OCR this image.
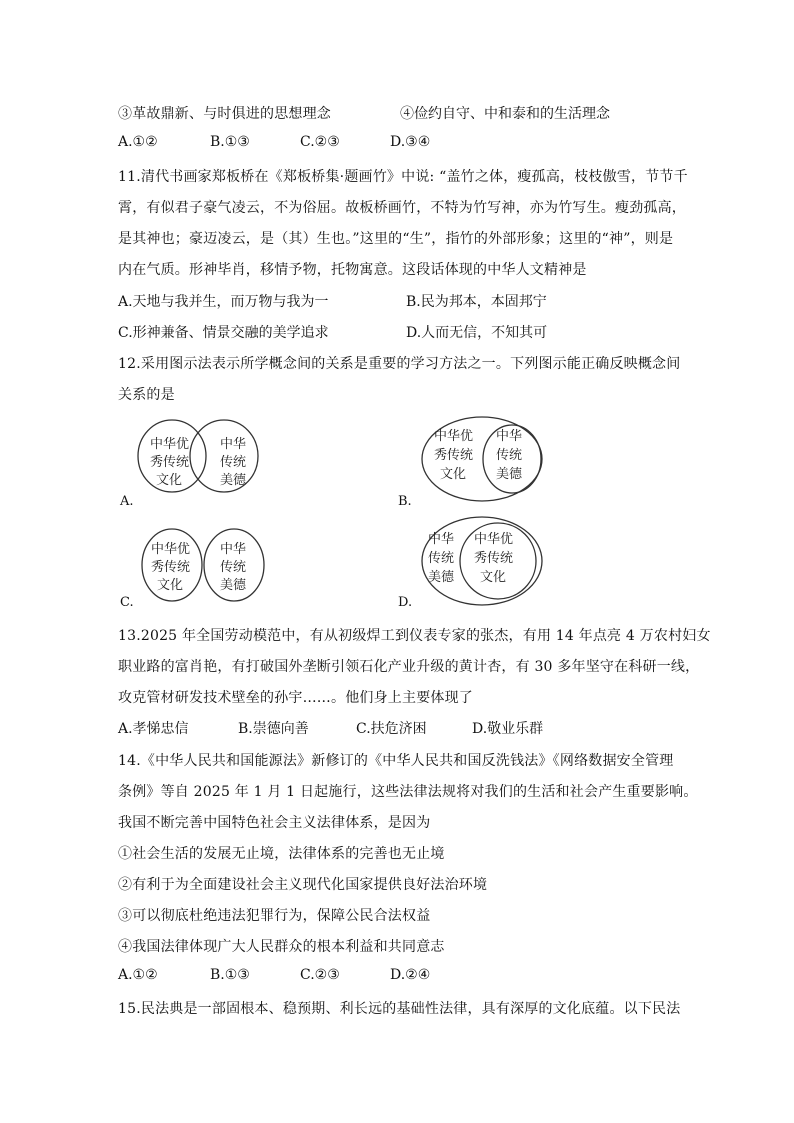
③革故鼎新、与时俱进的思想理念	④俭约自守、中和泰和的生活理念
A.①②	B.①③	C.②③	D.③④
11.清代书画家郑板桥在《郑板桥集·题画竹》中说: “盖竹之体，瘦孤高，枝枝傲雪，节节千
霄，有似君子豪气凌云，不为俗屈。故板桥画竹，不特为竹写神，亦为竹写生。瘦劲孤高，
是其神也；豪迈凌云，是（其）生也。”这里的“生”，指竹的外部形象；这里的“神”，则是
内在气质。形神毕肖，移情予物，托物寓意。这段话体现的中华人文精神是
A.天地与我并生，而万物与我为一	B.民为邦本，本固邦宁
C.形神兼备、情景交融的美学追求	D.人而无信，不知其可
12.采用图示法表示所学概念间的关系是重要的学习方法之一。下列图示能正确反映概念间
关系的是
中华优
秀传统
文化
中华
传统
美德
A.
中华优
秀传统
文化
中华
传统
美德
B.
中华优
秀传统
文化
中华
传统
美德
C.
中华
传统
美德
中华优
秀传统
文化
D.
13.2025 年全国劳动模范中，有从初级焊工到仪表专家的张杰，有用 14 年点亮 4 万农村妇女
职业路的富肖艳，有打破国外垄断引领石化产业升级的黄计杏，有 30 多年坚守在科研一线，
攻克管材研发技术壁垒的孙宇……。他们身上主要体现了
A.孝悌忠信	B.崇德向善	C.扶危济困	D.敬业乐群
14.《中华人民共和国能源法》新修订的《中华人民共和国反洗钱法》《网络数据安全管理
条例》等自 2025 年 1 月 1 日起施行，这些法律法规将对我们的生活和社会产生重要影响。
我国不断完善中国特色社会主义法律体系，是因为
①社会生活的发展无止境，法律体系的完善也无止境
②有利于为全面建设社会主义现代化国家提供良好法治环境
③可以彻底杜绝违法犯罪行为，保障公民合法权益
④我国法律体现广大人民群众的根本利益和共同意志
A.①②	B.①③	C.②③	D.②④
15.民法典是一部固根本、稳预期、利长远的基础性法律，具有深厚的文化底蕴。以下民法
